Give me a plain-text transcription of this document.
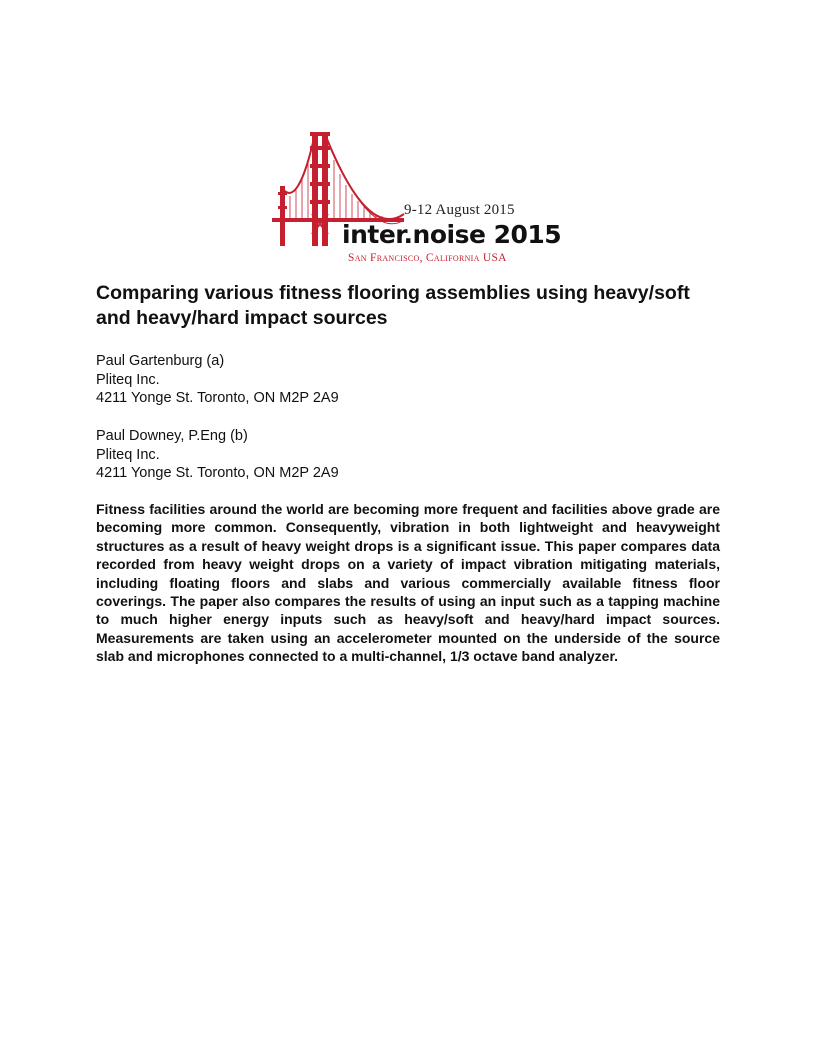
9-12 August 2015
inter.noise 2015
San Francisco, California USA
Comparing various fitness flooring assemblies using heavy/soft and heavy/hard impact sources
Paul Gartenburg (a)
Pliteq Inc.
4211 Yonge St. Toronto, ON M2P 2A9
Paul Downey, P.Eng (b)
Pliteq Inc.
4211 Yonge St. Toronto, ON M2P 2A9

Fitness facilities around the world are becoming more frequent and facilities above grade are becoming more common. Consequently, vibration in both lightweight and heavyweight structures as a result of heavy weight drops is a significant issue. This paper compares data recorded from heavy weight drops on a variety of impact vibration mitigating materials, including floating floors and slabs and various commercially available fitness floor coverings. The paper also compares the results of using an input such as a tapping machine to much higher energy inputs such as heavy/soft and heavy/hard impact sources. Measurements are taken using an accelerometer mounted on the underside of the source slab and microphones connected to a multi-channel, 1/3 octave band analyzer.
